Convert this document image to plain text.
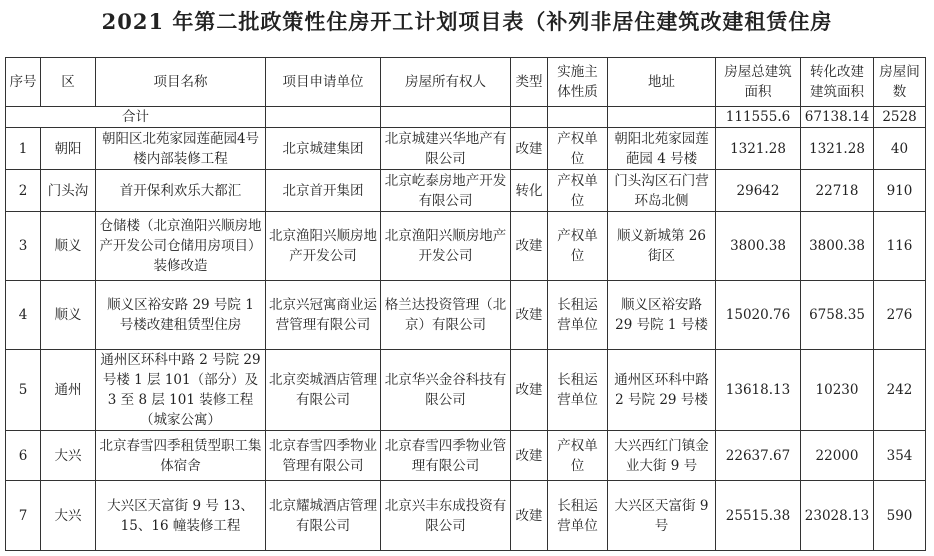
2021 年第二批政策性住房开工计划项目表（补列非居住建筑改建租赁住房
序号	区	项目名称	项目申请单位	房屋所有权人	类型	实施主体性质	地址	房屋总建筑面积	转化改建建筑面积	房屋间数
合计								111555.6	67138.14	2528
1	朝阳	朝阳区北苑家园莲葩园4号楼内部装修工程	北京城建集团	北京城建兴华地产有限公司	改建	产权单位	朝阳北苑家园莲葩园 4 号楼	1321.28	1321.28	40
2	门头沟	首开保利欢乐大都汇	北京首开集团	北京屹泰房地产开发有限公司	转化	产权单位	门头沟区石门营环岛北侧	29642	22718	910
3	顺义	仓储楼（北京渔阳兴顺房地产开发公司仓储用房项目）装修改造	北京渔阳兴顺房地产开发公司	北京渔阳兴顺房地产开发公司	改建	产权单位	顺义新城第 26 街区	3800.38	3800.38	116
4	顺义	顺义区裕安路 29 号院 1 号楼改建租赁型住房	北京兴冠寓商业运营管理有限公司	格兰达投资管理（北京）有限公司	改建	长租运营单位	顺义区裕安路 29 号院 1 号楼	15020.76	6758.35	276
5	通州	通州区环科中路 2 号院 29 号楼 1 层 101（部分）及 3 至 8 层 101 装修工程（城家公寓）	北京奕城酒店管理有限公司	北京华兴金谷科技有限公司	改建	长租运营单位	通州区环科中路 2 号院 29 号楼	13618.13	10230	242
6	大兴	北京春雪四季租赁型职工集体宿舍	北京春雪四季物业管理有限公司	北京春雪四季物业管理有限公司	改建	产权单位	大兴西红门镇金业大街 9 号	22637.67	22000	354
7	大兴	大兴区天富街 9 号 13、15、16 幢装修工程	北京耀城酒店管理有限公司	北京兴丰东成投资有限公司	改建	长租运营单位	大兴区天富街 9 号	25515.38	23028.13	590
